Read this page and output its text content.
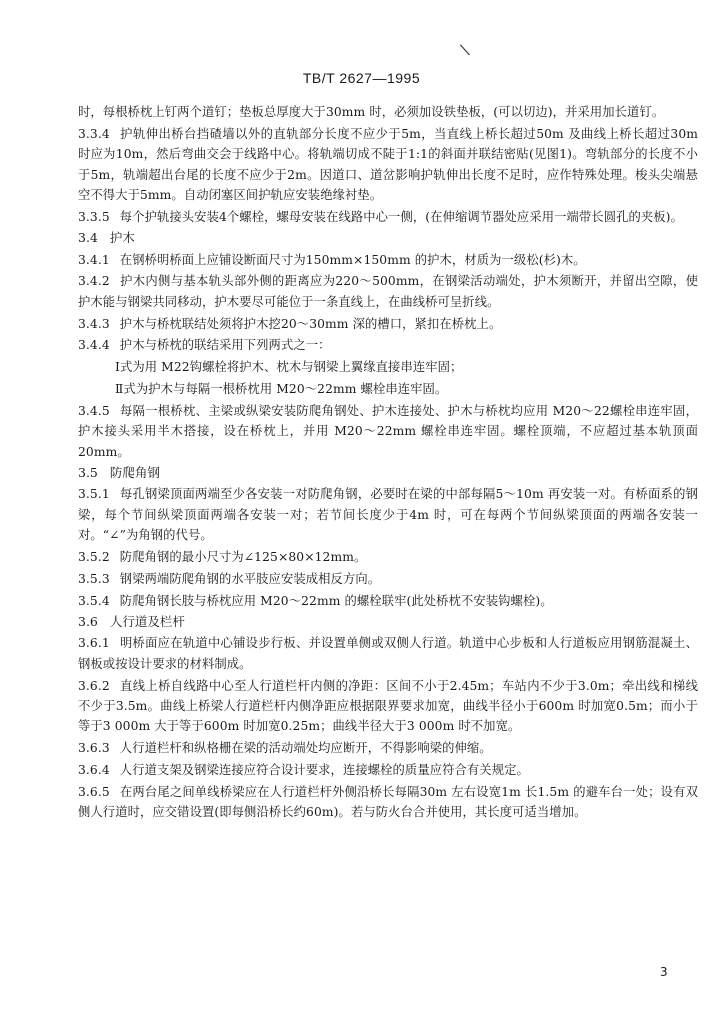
\
TB/T 2627—1995

时，每根桥枕上钉两个道钉；垫板总厚度大于30mm 时，必须加设铁垫板，(可以切边)，并采用加长道钉。

3.3.4 护轨伸出桥台挡碴墙以外的直轨部分长度不应少于5m，当直线上桥长超过50m 及曲线上桥长超过30m 时应为10m，然后弯曲交会于线路中心。将轨端切成不陡于1:1的斜面并联结密贴(见图1)。弯轨部分的长度不小于5m，轨端超出台尾的长度不应少于2m。因道口、道岔影响护轨伸出长度不足时，应作特殊处理。梭头尖端悬空不得大于5mm。自动闭塞区间护轨应安装绝缘衬垫。

3.3.5 每个护轨接头安装4个螺栓，螺母安装在线路中心一侧，(在伸缩调节器处应采用一端带长圆孔的夹板)。

3.4 护木

3.4.1 在钢桥明桥面上应铺设断面尺寸为150mm×150mm 的护木，材质为一级松(杉)木。

3.4.2 护木内侧与基本轨头部外侧的距离应为220～500mm，在钢梁活动端处，护木须断开，并留出空隙，使护木能与钢梁共同移动，护木要尽可能位于一条直线上，在曲线桥可呈折线。

3.4.3 护木与桥枕联结处须将护木挖20～30mm 深的槽口，紧扣在桥枕上。

3.4.4 护木与桥枕的联结采用下列两式之一：

Ⅰ式为用 M22钩螺栓将护木、枕木与钢梁上翼缘直接串连牢固；

Ⅱ式为护木与每隔一根桥枕用 M20～22mm 螺栓串连牢固。

3.4.5 每隔一根桥枕、主梁或纵梁安装防爬角钢处、护木连接处、护木与桥枕均应用 M20～22螺栓串连牢固，护木接头采用半木搭接，设在桥枕上，并用 M20～22mm 螺栓串连牢固。螺栓顶端，不应超过基本轨顶面20mm。

3.5 防爬角钢

3.5.1 每孔钢梁顶面两端至少各安装一对防爬角钢，必要时在梁的中部每隔5～10m 再安装一对。有桥面系的钢梁，每个节间纵梁顶面两端各安装一对；若节间长度少于4m 时，可在每两个节间纵梁顶面的两端各安装一对。“∠”为角钢的代号。

3.5.2 防爬角钢的最小尺寸为∠125×80×12mm。

3.5.3 钢梁两端防爬角钢的水平肢应安装成相反方向。

3.5.4 防爬角钢长肢与桥枕应用 M20～22mm 的螺栓联牢(此处桥枕不安装钩螺栓)。

3.6 人行道及栏杆

3.6.1 明桥面应在轨道中心铺设步行板、并设置单侧或双侧人行道。轨道中心步板和人行道板应用钢筋混凝土、钢板或按设计要求的材料制成。

3.6.2 直线上桥自线路中心至人行道栏杆内侧的净距：区间不小于2.45m；车站内不少于3.0m；牵出线和梯线不少于3.5m。曲线上桥梁人行道栏杆内侧净距应根据限界要求加宽，曲线半径小于600m 时加宽0.5m；而小于等于3 000m 大于等于600m 时加宽0.25m；曲线半径大于3 000m 时不加宽。

3.6.3 人行道栏杆和纵格栅在梁的活动端处均应断开，不得影响梁的伸缩。

3.6.4 人行道支架及钢梁连接应符合设计要求，连接螺栓的质量应符合有关规定。

3.6.5 在两台尾之间单线桥梁应在人行道栏杆外侧沿桥长每隔30m 左右设宽1m 长1.5m 的避车台一处；设有双侧人行道时，应交错设置(即每侧沿桥长约60m)。若与防火台合并使用，其长度可适当增加。

3
